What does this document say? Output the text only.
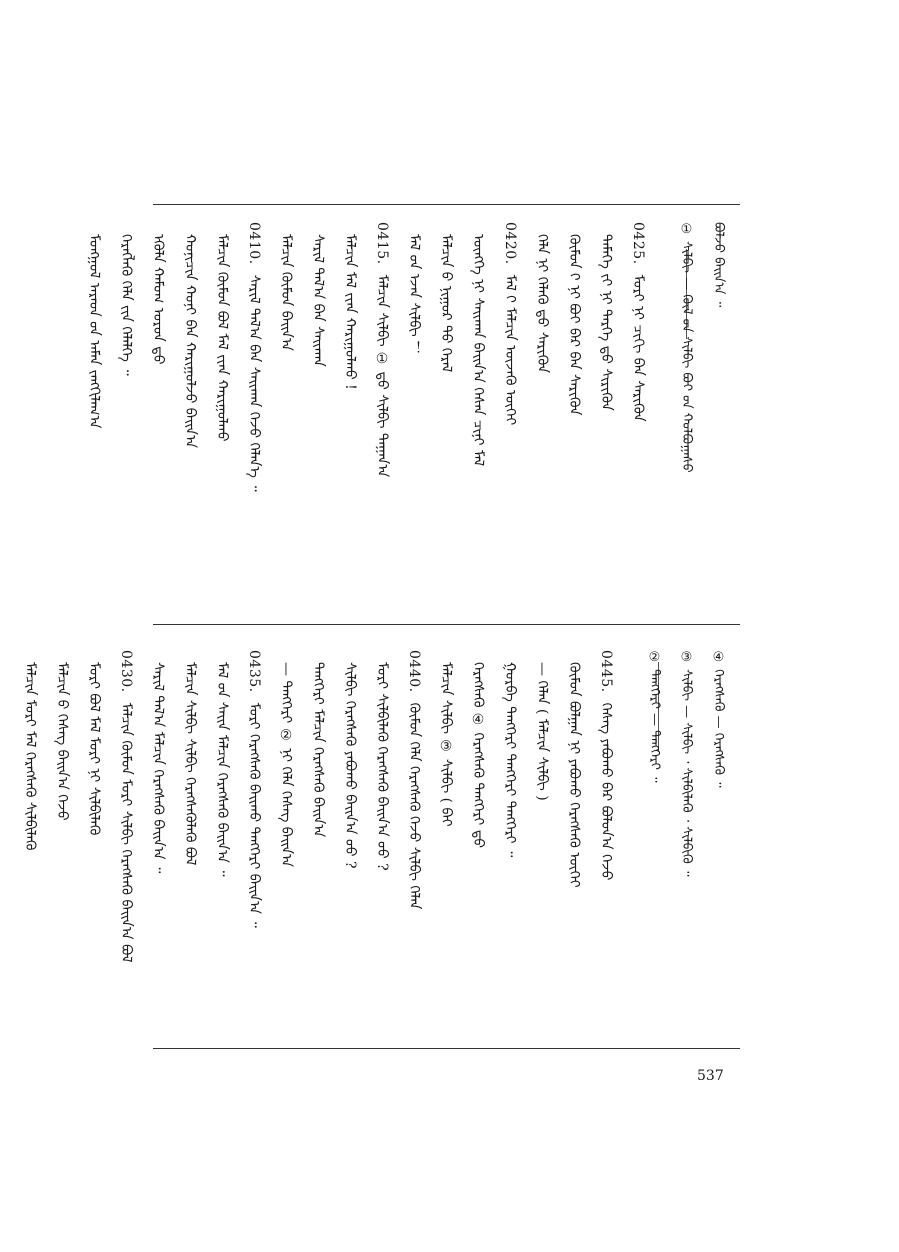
ᠪᠣᠯᠵᠤ ᠪᠠᠢᠨ᠎ᠠ ᠃
① ᠰᠢᠯᠪᠢ — ᠬᠦᠯ ᠤ᠋ᠨ ᠰᠢᠯᠪᠢ ᠪᠣᠶ ᠤ᠋ᠨ ᠬᠣᠯᠪᠣᠭᠠᠰᠤ
0425.ᠮᠣᠷᠢ ᠨᠢ ᠴᠢᠬᠢ ᠪᠡᠨ ᠰᠡᠷᠢᠭᠦᠨ
ᠲᠡᠮᠡᠭᠡ ᠶ᠋ᠢ ᠨᠢ ᠲᠡᠷᠭᠡ ᠳ᠋ᠦ ᠰᠢᠷᠢᠭᠦᠨ
ᠬᠦᠮᠦᠨ ᠢ᠋ ᠨᠢ ᠪᠣᠢ ᠪᠠᠷ ᠪᠡᠨ ᠰᠡᠷᠢᠭᠦᠨ
ᠬᠡᠯᠡ ᠨᠢ ᠬᠡᠯᠡᠬᠦ ᠳ᠋ᠦ ᠰᠡᠷᠢᠭᠦᠨ
0420.ᠮᠠᠯ ᠢ᠋ ᠮᠠᠯᠴᠢᠨ ᠦᠵᠡᠬᠦ ᠦᠭᠡᠢ
ᠦᠩᠭᠡ ᠨᠢ ᠰᠠᠢᠬᠠᠨ ᠪᠠᠢᠨ᠎ᠠ ᠬᠡᠰᠡᠨ ᠴᠢᠨᠢ ᠮᠠᠯ
ᠮᠠᠯᠴᠢᠨ ᠤ᠋ ᠨᠢᠭᠤᠷ ᠲᠤ᠌ ᠭᠡᠷᠡᠯ
ᠮᠠᠯ ᠤ᠋ᠨ ᠡᠵᠡᠨ ᠰᠢᠯᠪᠢ ！
0415.ᠮᠠᠯᠴᠢᠨ ᠰᠢᠯᠪᠢ ① ᠳ᠋ᠦ ᠰᠢᠯᠪᠢ ᠳᠠᠭᠠᠨ᠎ᠠ
ᠮᠠᠯᠴᠢᠨ ᠮᠠᠯ ᠢ᠋ᠶ᠋ᠠᠨ ᠬᠠᠷᠢᠭᠤᠯᠬᠤ !
ᠰᠠᠷᠢᠯ ᠲᠠᠯ᠎ᠠ ᠪᠠᠨ ᠰᠠᠢᠬᠠᠨ
ᠮᠠᠯᠴᠢᠨ ᠬᠦᠮᠦᠨ ᠪᠠᠢᠨ᠎ᠠ
0410.ᠰᠠᠷᠢᠯ ᠲᠠᠯ᠎ᠠ ᠪᠠᠨ ᠰᠠᠢᠬᠠᠨ ᠭᠡᠵᠦ ᠬᠡᠯᠡᠨ᠎ᠡ ᠃
ᠮᠠᠯᠴᠢᠨ ᠬᠦᠮᠦᠨ ᠪᠣᠯ ᠮᠠᠯ ᠢ᠋ᠶ᠋ᠠᠨ ᠬᠠᠷᠢᠭᠤᠯᠬᠤ
ᠬᠣᠨᠢᠴᠢᠨ ᠬᠣᠨᠢ ᠪᠠᠨ ᠬᠠᠷᠢᠭᠤᠯᠵᠤ ᠪᠠᠢᠨ᠎ᠠ
ᠡᠭᠦᠯᠡ ᠬᠠᠮᠤᠭ ᠣᠷᠣᠨ ᠳ᠋ᠤ᠌
ᠬᠡᠷᠡᠭᠯᠡᠭᠦ ᠬᠡᠯᠡ ᠶ᠋ᠢᠨ ᠬᠡᠯᠡᠯᠭᠡ ᠃
ᠮᠣᠩᠭᠣᠯ ᠠᠷᠠᠳ ᠤ᠋ᠨ ᠠᠮᠠᠨ ᠵᠠᠩᠬᠢᠯᠠᠭ᠎ᠠ
④ ᠬᠡᠷᠡᠭᠰᠡᠭᠦ — ᠬᠡᠷᠡᠭᠰᠡᠭᠦ ᠃
③ ᠰᠢᠯᠪᠢ — ᠰᠢᠯᠪᠢ ᠂ ᠰᠢᠯᠪᠢᠯᠡᠬᠦ ᠂ ᠰᠢᠯᠪᠢᠬᠦ ᠃
② ᠲᠡᠩᠭᠡᠷᠢ — ᠲᠡᠩᠭᠡᠷᠢ ᠃
0445.ᠬᠡᠰᠡᠭ ᠶᠠᠪᠤᠬᠤ ᠪᠠᠷ ᠪᠣᠯᠤᠨ᠎ᠠ ᠭᠡᠵᠦ
ᠬᠦᠮᠦᠨ ᠪᠣᠯᠭᠠᠨ ᠨᠢ ᠶᠠᠪᠤᠬᠤ ᠬᠡᠷᠡᠭᠰᠡᠭᠦ ᠦᠭᠡᠢ
— ᠬᠡᠯᠡᠨ ( ᠮᠠᠯᠴᠢᠨ ᠰᠢᠯᠪᠢ )
ᠭᠣᠷᠪᠠ ᠲᠡᠩᠭᠡᠷᠢ ᠲᠡᠩᠭᠡᠷᠢ ᠲᠡᠩᠭᠡᠷᠢ ᠃
ᠬᠡᠷᠡᠭᠰᠡᠭᠦ ④ ᠬᠡᠷᠡᠭᠰᠡᠭᠦ ᠲᠡᠩᠭᠡᠷᠢ ᠳ᠋ᠦ
ᠮᠠᠯᠴᠢᠨ ᠰᠢᠯᠪᠢ ③ ᠰᠢᠯᠪᠢ ( ᠪᠠᠢ
0440.ᠬᠦᠮᠦᠨ ᠬᠡᠯᠡ ᠬᠡᠷᠡᠭᠰᠡᠭᠦ ᠭᠡᠵᠦ ᠰᠢᠯᠪᠢ ᠬᠡᠯᠡᠨ
ᠮᠣᠷᠢ ᠰᠢᠯᠪᠢᠯᠡᠬᠦ ᠬᠡᠷᠡᠭᠰᠡᠭᠦ ᠪᠠᠢᠨ᠎ᠠ ᠤᠤ ?
ᠰᠢᠯᠪᠢ ᠬᠡᠷᠡᠭᠰᠡᠭᠦ ᠶᠠᠪᠤᠬᠤ ᠪᠠᠢᠨ᠎ᠠ ᠤᠤ ?
ᠲᠡᠩᠭᠡᠷᠢ ᠮᠠᠯᠴᠢᠨ ᠬᠡᠷᠡᠭᠰᠡᠭᠦ ᠪᠠᠢᠨ᠎ᠠ
— ᠲᠡᠩᠭᠡᠷᠢ ② ᠨᠢ ᠬᠡᠯᠡ ᠬᠡᠰᠡᠭ ᠪᠠᠢᠨ᠎ᠠ
0435.ᠮᠣᠷᠢ ᠬᠡᠷᠡᠭᠰᠡᠭᠦ ᠪᠠᠢᠬᠤ ᠲᠡᠩᠭᠡᠷᠢ ᠪᠠᠢᠨ᠎ᠠ ᠃
ᠮᠠᠯ ᠤ᠋ᠨ ᠰᠠᠢᠨ ᠮᠠᠯᠴᠢᠨ ᠬᠡᠷᠡᠭᠰᠡᠭᠦ ᠪᠠᠢᠨ᠎ᠠ ᠃
ᠮᠠᠯᠴᠢᠨ ᠰᠢᠯᠪᠢ ᠰᠢᠯᠪᠢ ᠬᠡᠷᠡᠭᠰᠡᠭᠦᠯᠡᠬᠦ ᠪᠣᠯ
ᠰᠠᠷᠢᠯ ᠲᠠᠯ᠎ᠠ ᠮᠠᠯᠴᠢᠨ ᠬᠡᠷᠡᠭᠰᠡᠭᠦ ᠪᠠᠢᠨ᠎ᠠ ᠃
0430.ᠮᠠᠯᠴᠢᠨ ᠬᠦᠮᠦᠨ ᠮᠣᠷᠢ ᠰᠢᠯᠪᠢ ᠬᠡᠷᠡᠭᠰᠡᠭᠦ ᠪᠠᠢᠨ᠎ᠠ ᠪᠣᠯ
ᠮᠣᠷᠢ ᠪᠣᠯ ᠮᠠᠯ ᠮᠣᠷᠢ ᠨᠢ ᠰᠢᠯᠪᠢᠯᠡᠬᠦ
ᠮᠠᠯᠴᠢᠨ ᠤ᠋ ᠬᠡᠰᠡᠭ ᠪᠠᠢᠨ᠎ᠠ ᠭᠡᠵᠦ
ᠮᠠᠯᠴᠢᠨ ᠮᠣᠷᠢ ᠮᠠᠯ ᠬᠡᠷᠡᠭᠰᠡᠭᠦ ᠰᠢᠯᠪᠢᠯᠡᠬᠦ
537
